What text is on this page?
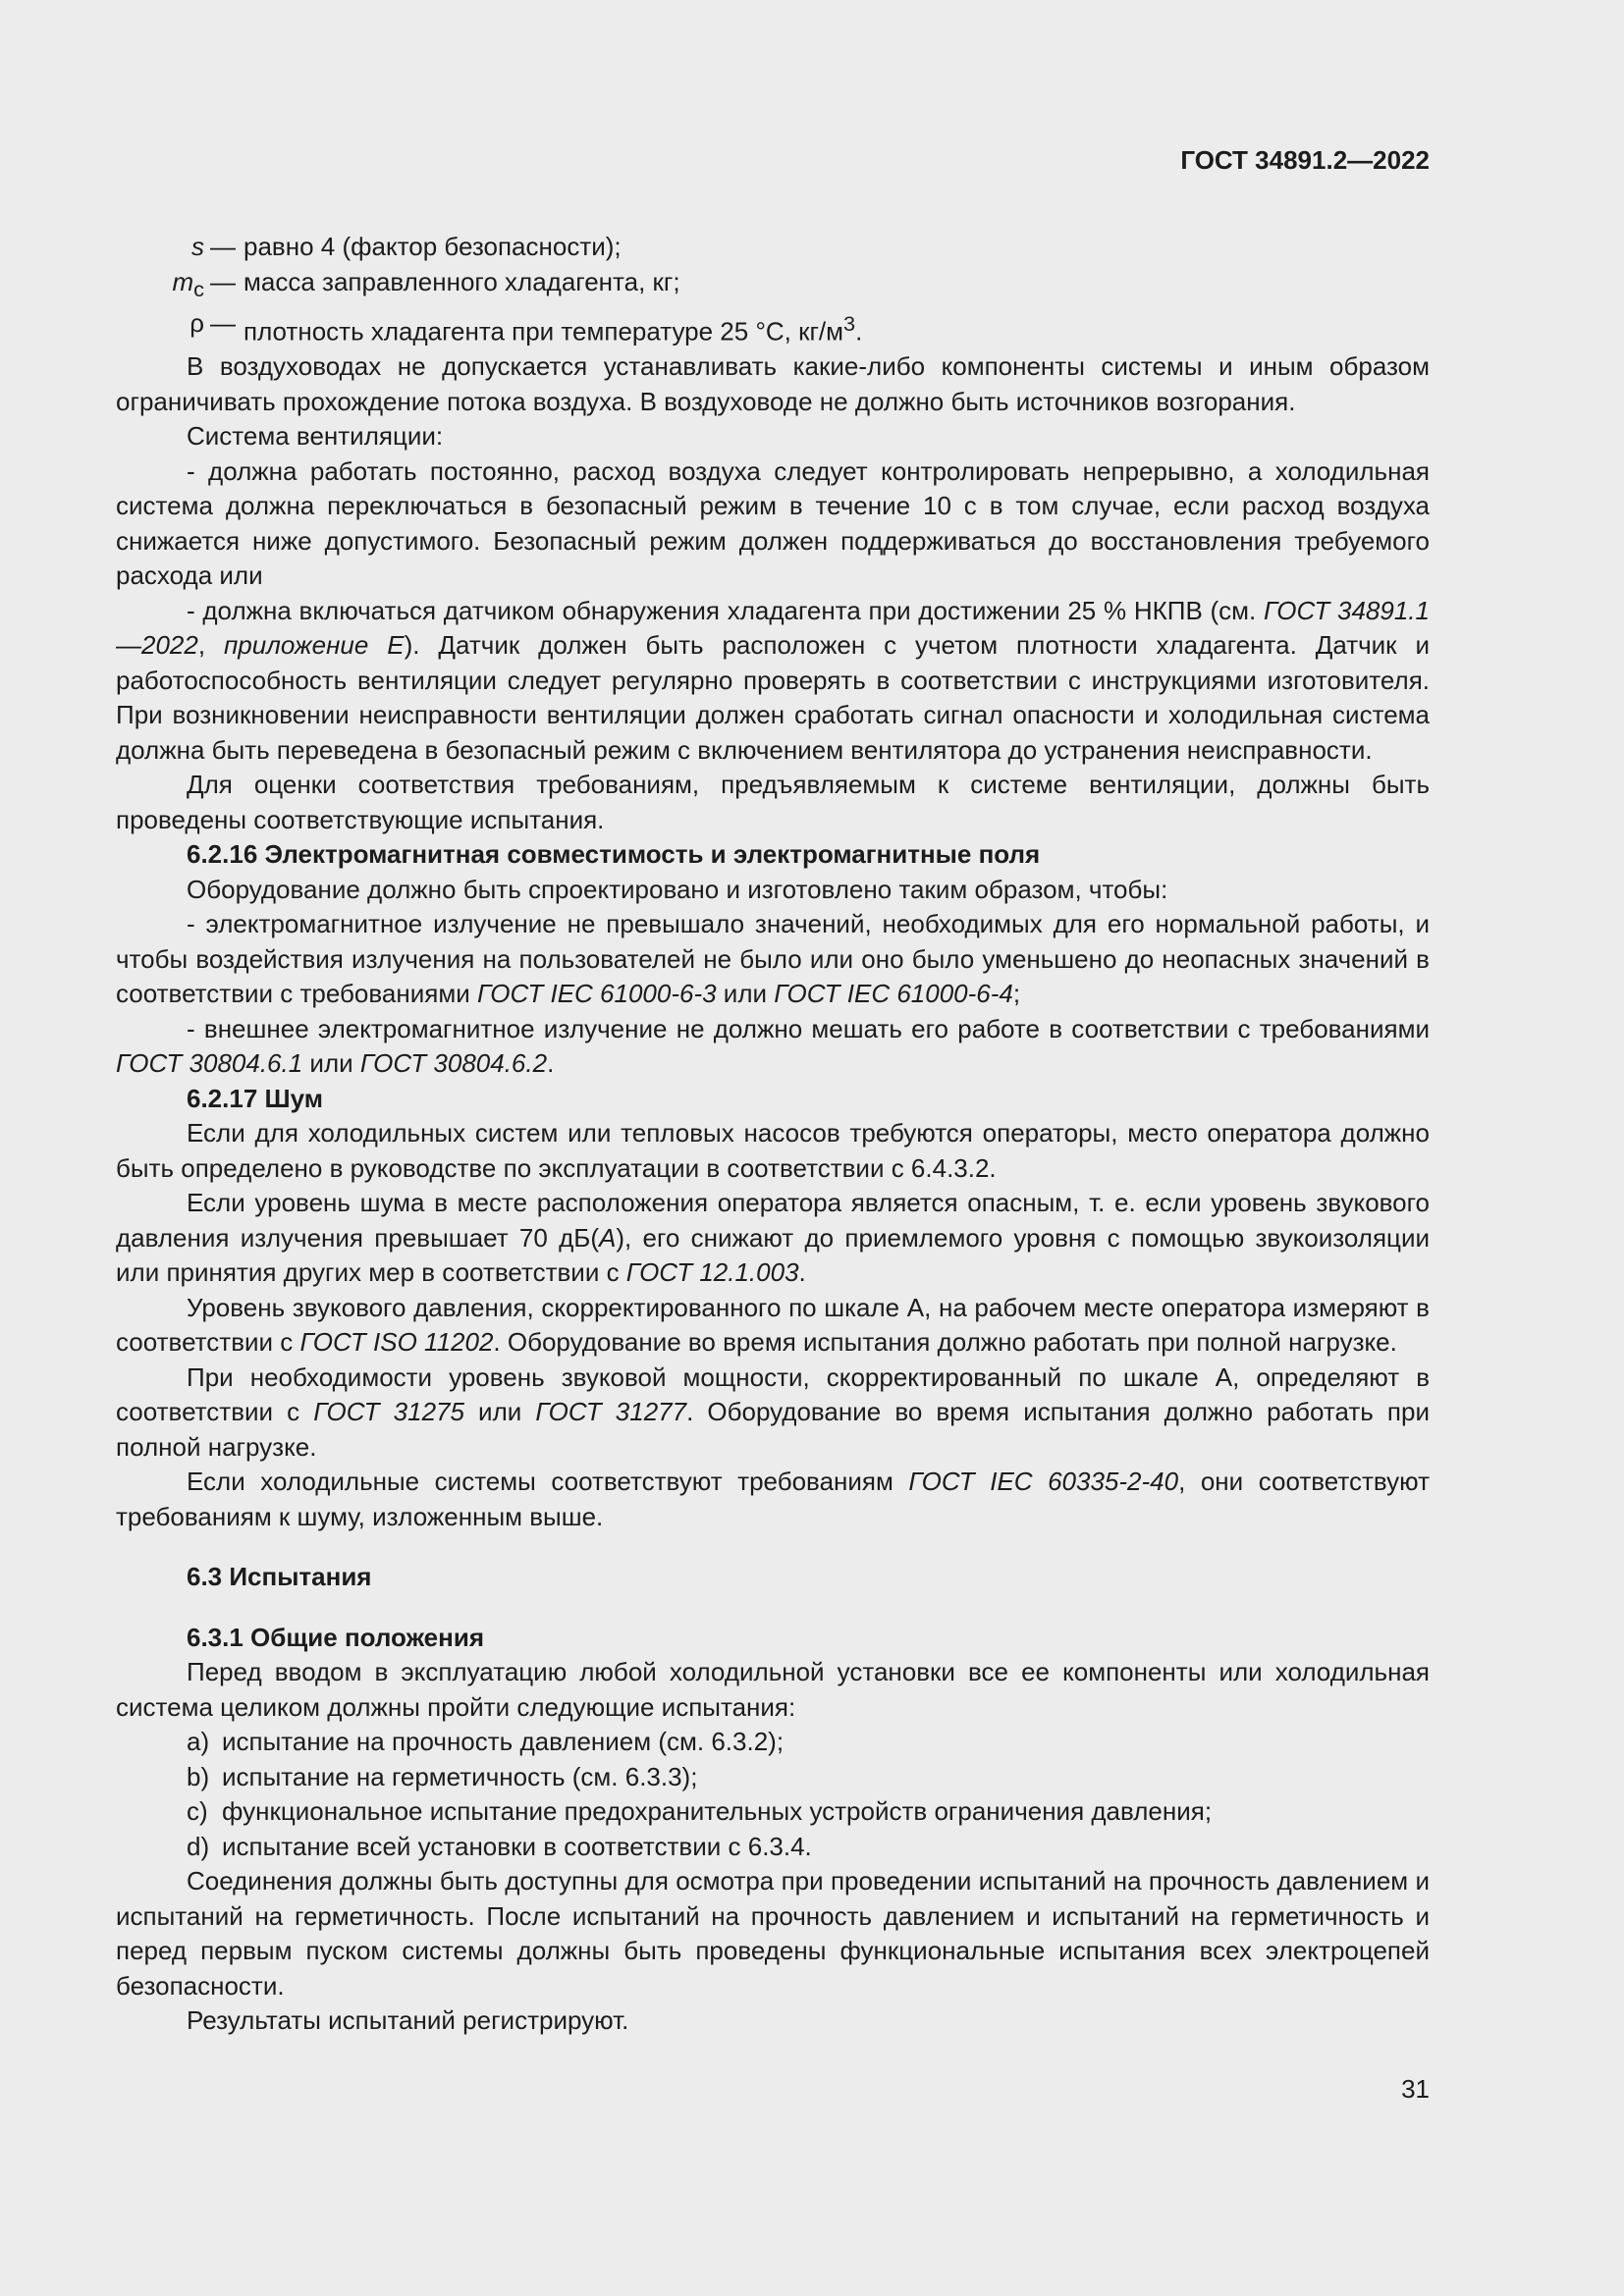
ГОСТ 34891.2—2022
s — равно 4 (фактор безопасности);
$m_c$ — масса заправленного хладагента, кг;
ρ — плотность хладагента при температуре 25 °С, $кг/м^3$.

В воздуховодах не допускается устанавливать какие-либо компоненты системы и иным образом ограничивать прохождение потока воздуха. В воздуховоде не должно быть источников возгорания.

Система вентиляции:

- должна работать постоянно, расход воздуха следует контролировать непрерывно, а холодильная система должна переключаться в безопасный режим в течение 10 с в том случае, если расход воздуха снижается ниже допустимого. Безопасный режим должен поддерживаться до восстановления требуемого расхода или

- должна включаться датчиком обнаружения хладагента при достижении 25 % НКПВ (см. ГОСТ 34891.1—2022, приложение Е). Датчик должен быть расположен с учетом плотности хладагента. Датчик и работоспособность вентиляции следует регулярно проверять в соответствии с инструкциями изготовителя. При возникновении неисправности вентиляции должен сработать сигнал опасности и холодильная система должна быть переведена в безопасный режим с включением вентилятора до устранения неисправности.

Для оценки соответствия требованиям, предъявляемым к системе вентиляции, должны быть проведены соответствующие испытания.

6.2.16 Электромагнитная совместимость и электромагнитные поля

Оборудование должно быть спроектировано и изготовлено таким образом, чтобы:

- электромагнитное излучение не превышало значений, необходимых для его нормальной работы, и чтобы воздействия излучения на пользователей не было или оно было уменьшено до неопасных значений в соответствии с требованиями ГОСТ IEC 61000-6-3 или ГОСТ IEC 61000-6-4;

- внешнее электромагнитное излучение не должно мешать его работе в соответствии с требованиями ГОСТ 30804.6.1 или ГОСТ 30804.6.2.

6.2.17 Шум

Если для холодильных систем или тепловых насосов требуются операторы, место оператора должно быть определено в руководстве по эксплуатации в соответствии с 6.4.3.2.

Если уровень шума в месте расположения оператора является опасным, т. е. если уровень звукового давления излучения превышает 70 дБ(A), его снижают до приемлемого уровня с помощью звукоизоляции или принятия других мер в соответствии с ГОСТ 12.1.003.

Уровень звукового давления, скорректированного по шкале А, на рабочем месте оператора измеряют в соответствии с ГОСТ ISO 11202. Оборудование во время испытания должно работать при полной нагрузке.

При необходимости уровень звуковой мощности, скорректированный по шкале А, определяют в соответствии с ГОСТ 31275 или ГОСТ 31277. Оборудование во время испытания должно работать при полной нагрузке.

Если холодильные системы соответствуют требованиям ГОСТ IEC 60335-2-40, они соответствуют требованиям к шуму, изложенным выше.

6.3 Испытания

6.3.1 Общие положения

Перед вводом в эксплуатацию любой холодильной установки все ее компоненты или холодильная система целиком должны пройти следующие испытания:

a) испытание на прочность давлением (см. 6.3.2);
b) испытание на герметичность (см. 6.3.3);
c) функциональное испытание предохранительных устройств ограничения давления;
d) испытание всей установки в соответствии с 6.3.4.

Соединения должны быть доступны для осмотра при проведении испытаний на прочность давлением и испытаний на герметичность. После испытаний на прочность давлением и испытаний на герметичность и перед первым пуском системы должны быть проведены функциональные испытания всех электроцепей безопасности.

Результаты испытаний регистрируют.

31
